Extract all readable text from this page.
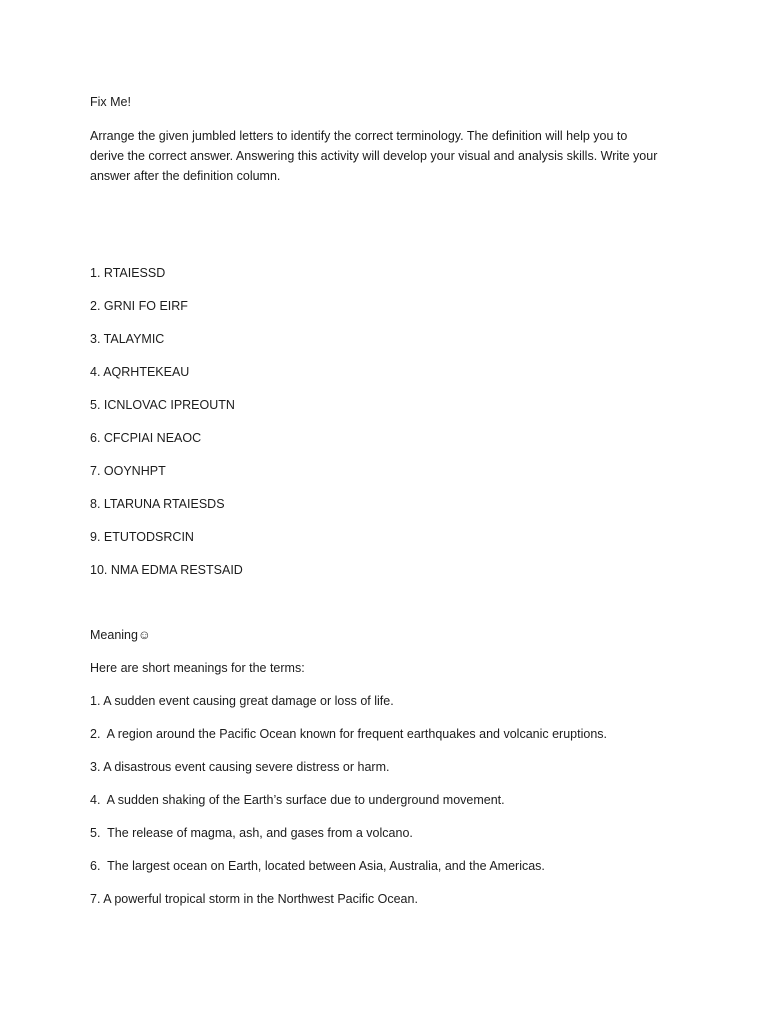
Fix Me!
Arrange the given jumbled letters to identify the correct terminology. The definition will help you to
derive the correct answer. Answering this activity will develop your visual and analysis skills. Write your
answer after the definition column.
1. RTAIESSD
2. GRNI FO EIRF
3. TALAYMIC
4. AQRHTEKEAU
5. ICNLOVAC IPREOUTN
6. CFCPIAI NEAOC
7. OOYNHPT
8. LTARUNA RTAIESDS
9. ETUTODSRCIN
10. NMA EDMA RESTSAID
Meaning☺
Here are short meanings for the terms:
1. A sudden event causing great damage or loss of life.
2.  A region around the Pacific Ocean known for frequent earthquakes and volcanic eruptions.
3. A disastrous event causing severe distress or harm.
4.  A sudden shaking of the Earth’s surface due to underground movement.
5.  The release of magma, ash, and gases from a volcano.
6.  The largest ocean on Earth, located between Asia, Australia, and the Americas.
7. A powerful tropical storm in the Northwest Pacific Ocean.
